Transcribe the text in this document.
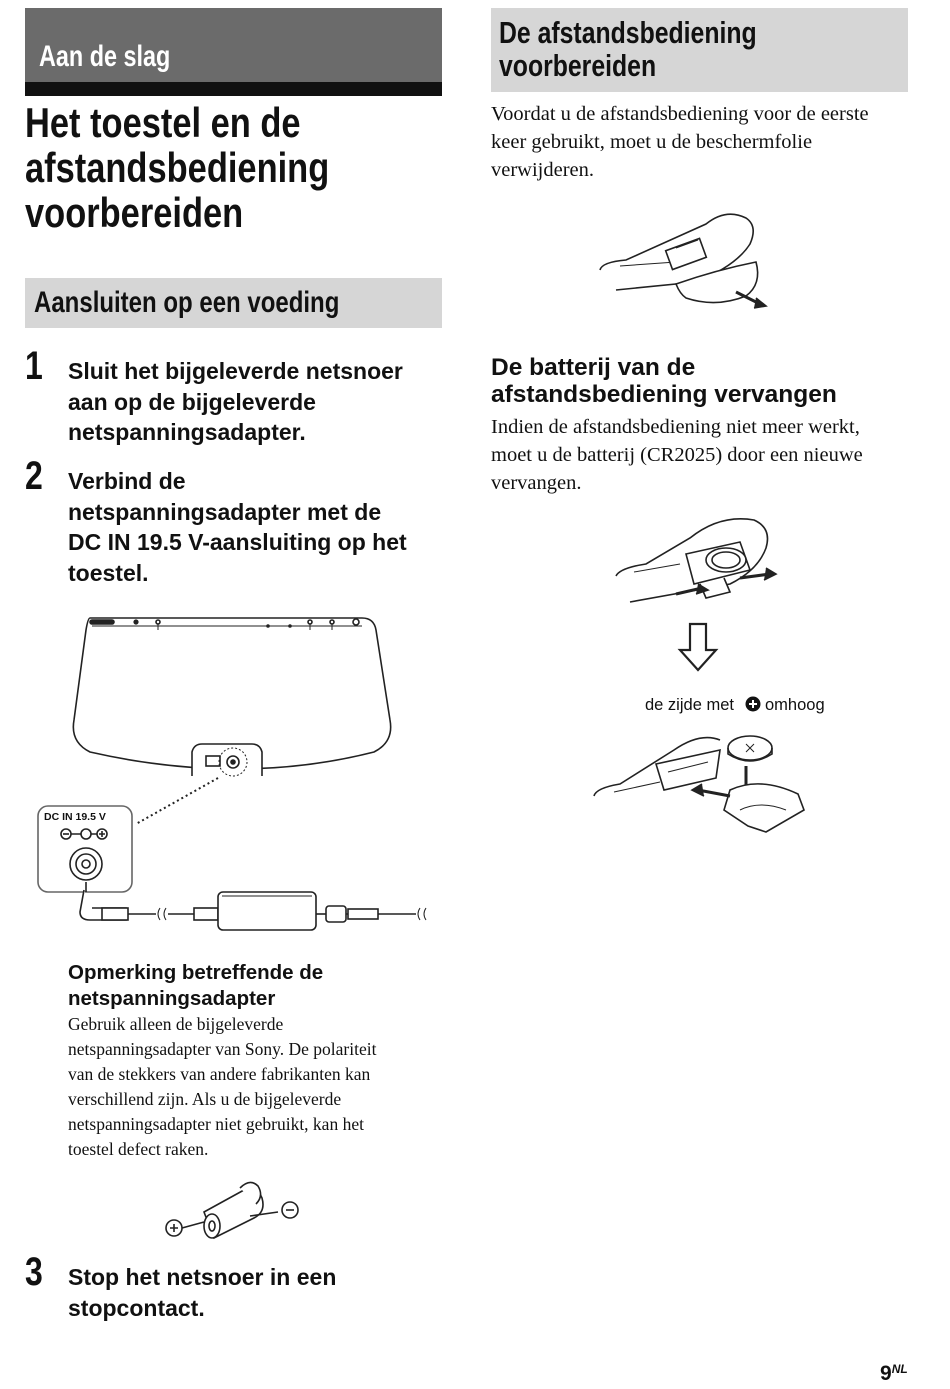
Aan de slag
Het toestel en de
afstandsbediening
voorbereiden
Aansluiten op een voeding
1 Sluit het bijgeleverde netsnoer
aan op de bijgeleverde
netspanningsadapter.
2 Verbind de
netspanningsadapter met de
DC IN 19.5 V-aansluiting op het
toestel.
DC IN 19.5 V
Opmerking betreffende de
netspanningsadapter
Gebruik alleen de bijgeleverde
netspanningsadapter van Sony. De polariteit
van de stekkers van andere fabrikanten kan
verschillend zijn. Als u de bijgeleverde
netspanningsadapter niet gebruikt, kan het
toestel defect raken.
3 Stop het netsnoer in een
stopcontact.
De afstandsbediening
voorbereiden
Voordat u de afstandsbediening voor de eerste
keer gebruikt, moet u de beschermfolie
verwijderen.
De batterij van de
afstandsbediening vervangen
Indien de afstandsbediening niet meer werkt,
moet u de batterij (CR2025) door een nieuwe
vervangen.
de zijde met omhoog
$9^{NL}$
